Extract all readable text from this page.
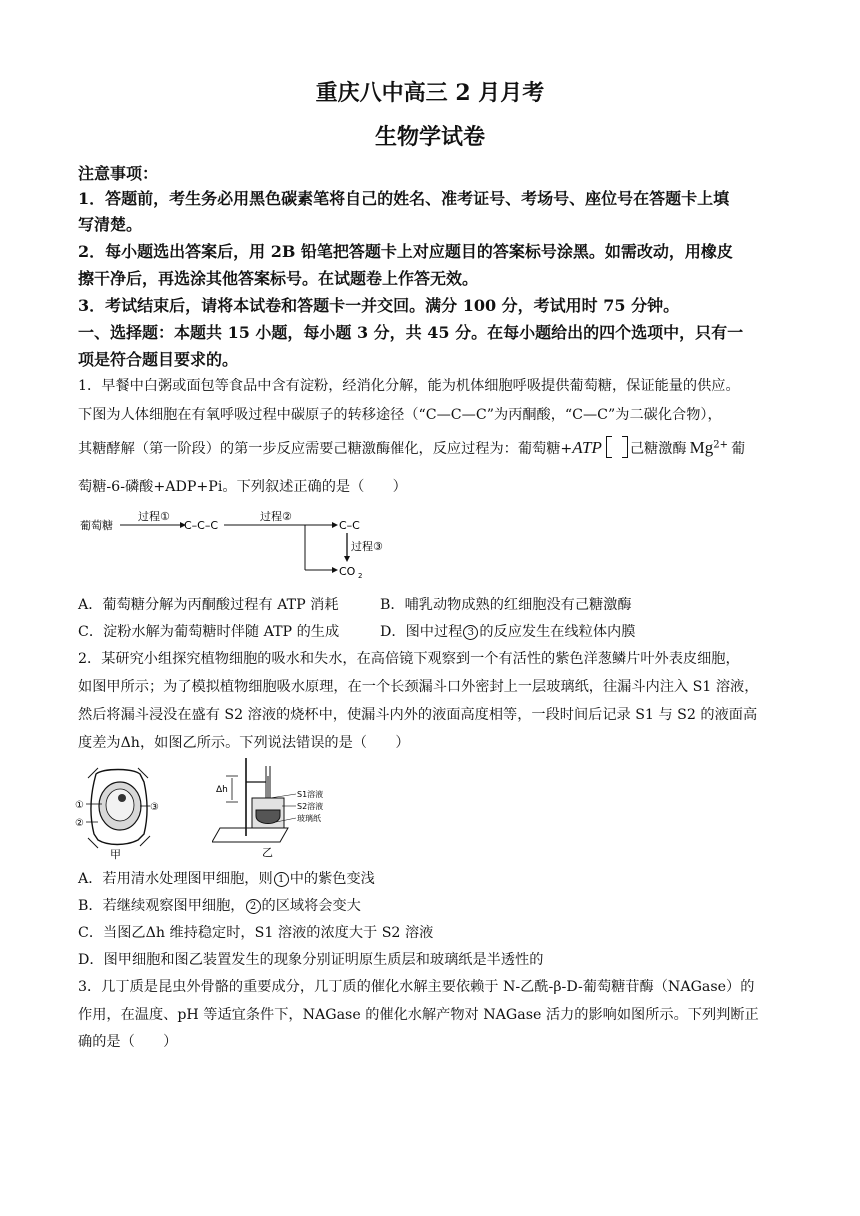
重庆八中高三 2 月月考
生物学试卷
注意事项：
1．答题前，考生务必用黑色碳素笔将自己的姓名、准考证号、考场号、座位号在答题卡上填
写清楚。
2．每小题选出答案后，用 2B 铅笔把答题卡上对应题目的答案标号涂黑。如需改动，用橡皮
擦干净后，再选涂其他答案标号。在试题卷上作答无效。
3．考试结束后，请将本试卷和答题卡一并交回。满分 100 分，考试用时 75 分钟。
一、选择题：本题共 15 小题，每小题 3 分，共 45 分。在每小题给出的四个选项中，只有一
项是符合题目要求的。
1．早餐中白粥或面包等食品中含有淀粉，经消化分解，能为机体细胞呼吸提供葡萄糖，保证能量的供应。
下图为人体细胞在有氧呼吸过程中碳原子的转移途径（“C—C—C”为丙酮酸，“C—C”为二碳化合物），
其糖酵解（第一阶段）的第一步反应需要己糖激酶催化，反应过程为：葡萄糖+ATP 己糖激酶 $Mg^{2+}$ 葡
萄糖-6-磷酸+ADP+Pi。下列叙述正确的是（　　）
葡萄糖
过程①
C–C–C
过程②
C–C
过程③
CO 2
A．葡萄糖分解为丙酮酸过程有 ATP 消耗	B．哺乳动物成熟的红细胞没有己糖激酶
C．淀粉水解为葡萄糖时伴随 ATP 的生成	D．图中过程 3 的反应发生在线粒体内膜
2．某研究小组探究植物细胞的吸水和失水，在高倍镜下观察到一个有活性的紫色洋葱鳞片叶外表皮细胞，
如图甲所示；为了模拟植物细胞吸水原理，在一个长颈漏斗口外密封上一层玻璃纸，往漏斗内注入 S1 溶液，
然后将漏斗浸没在盛有 S2 溶液的烧杯中，使漏斗内外的液面高度相等，一段时间后记录 S1 与 S2 的液面高
度差为Δh，如图乙所示。下列说法错误的是（　　）
①
②
③
甲
Δh	S1溶液
S2溶液
玻璃纸
乙
A．若用清水处理图甲细胞，则 1 中的紫色变浅
B．若继续观察图甲细胞， 2 的区域将会变大
C．当图乙Δh 维持稳定时，S1 溶液的浓度大于 S2 溶液
D．图甲细胞和图乙装置发生的现象分别证明原生质层和玻璃纸是半透性的
3．几丁质是昆虫外骨骼的重要成分，几丁质的催化水解主要依赖于 N-乙酰-β-D-葡萄糖苷酶（NAGase）的
作用，在温度、pH 等适宜条件下，NAGase 的催化水解产物对 NAGase 活力的影响如图所示。下列判断正
确的是（　　）
